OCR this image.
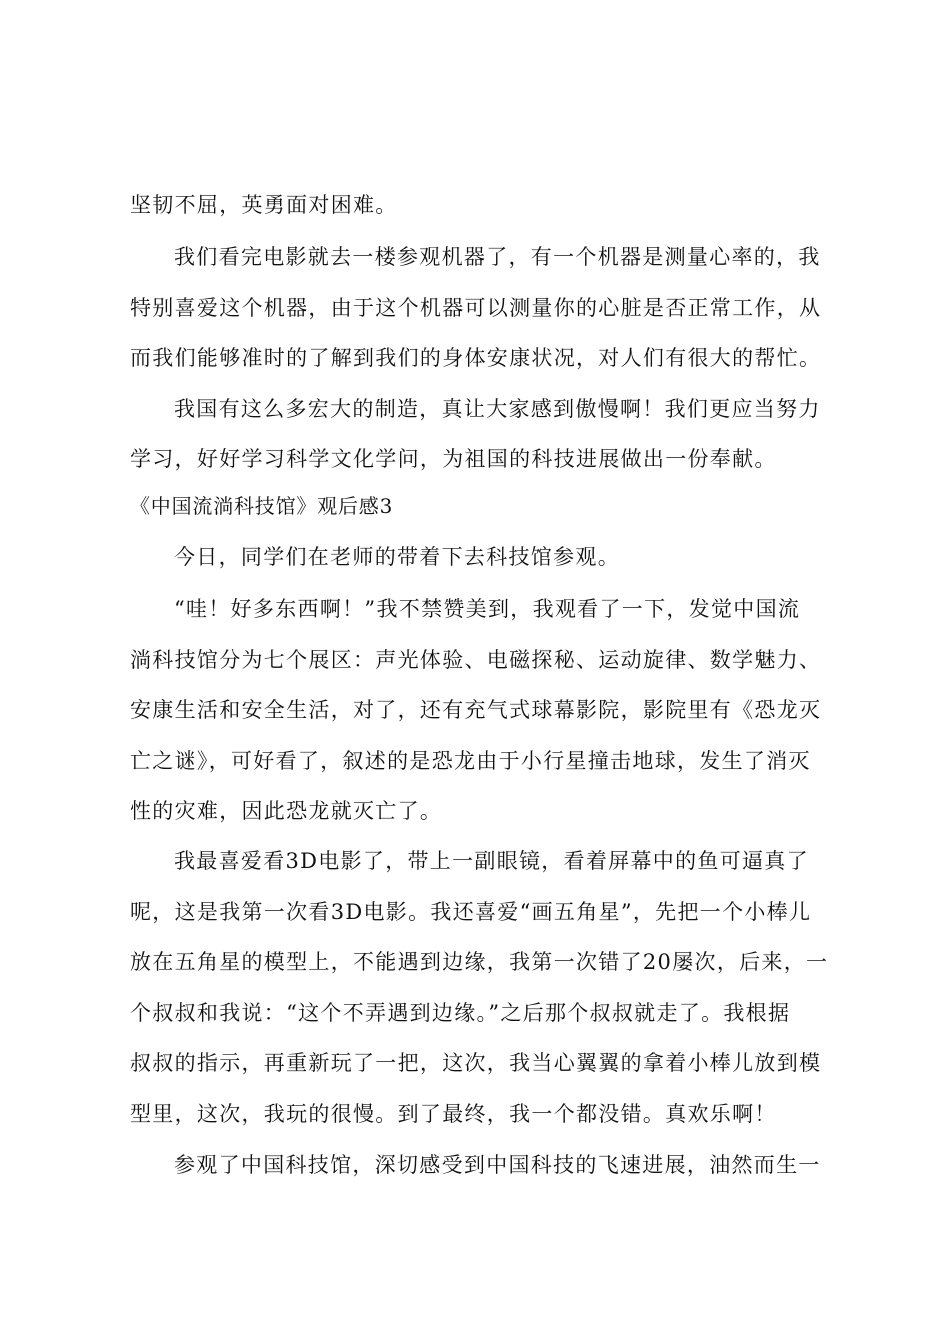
坚韧不屈，英勇面对困难。
我们看完电影就去一楼参观机器了，有一个机器是测量心率的，我
特别喜爱这个机器，由于这个机器可以测量你的心脏是否正常工作，从
而我们能够准时的了解到我们的身体安康状况，对人们有很大的帮忙。
我国有这么多宏大的制造，真让大家感到傲慢啊！我们更应当努力
学习，好好学习科学文化学问，为祖国的科技进展做出一份奉献。
《中国流淌科技馆》观后感3
今日，同学们在老师的带着下去科技馆参观。
“哇！好多东西啊！”我不禁赞美到，我观看了一下，发觉中国流
淌科技馆分为七个展区：声光体验、电磁探秘、运动旋律、数学魅力、
安康生活和安全生活，对了，还有充气式球幕影院，影院里有《恐龙灭
亡之谜》，可好看了，叙述的是恐龙由于小行星撞击地球，发生了消灭
性的灾难，因此恐龙就灭亡了。
我最喜爱看3D电影了，带上一副眼镜，看着屏幕中的鱼可逼真了
呢，这是我第一次看3D电影。我还喜爱“画五角星”，先把一个小棒儿
放在五角星的模型上，不能遇到边缘，我第一次错了20屡次，后来，一
个叔叔和我说：“这个不弄遇到边缘。”之后那个叔叔就走了。我根据
叔叔的指示，再重新玩了一把，这次，我当心翼翼的拿着小棒儿放到模
型里，这次，我玩的很慢。到了最终，我一个都没错。真欢乐啊！
参观了中国科技馆，深切感受到中国科技的飞速进展，油然而生一
